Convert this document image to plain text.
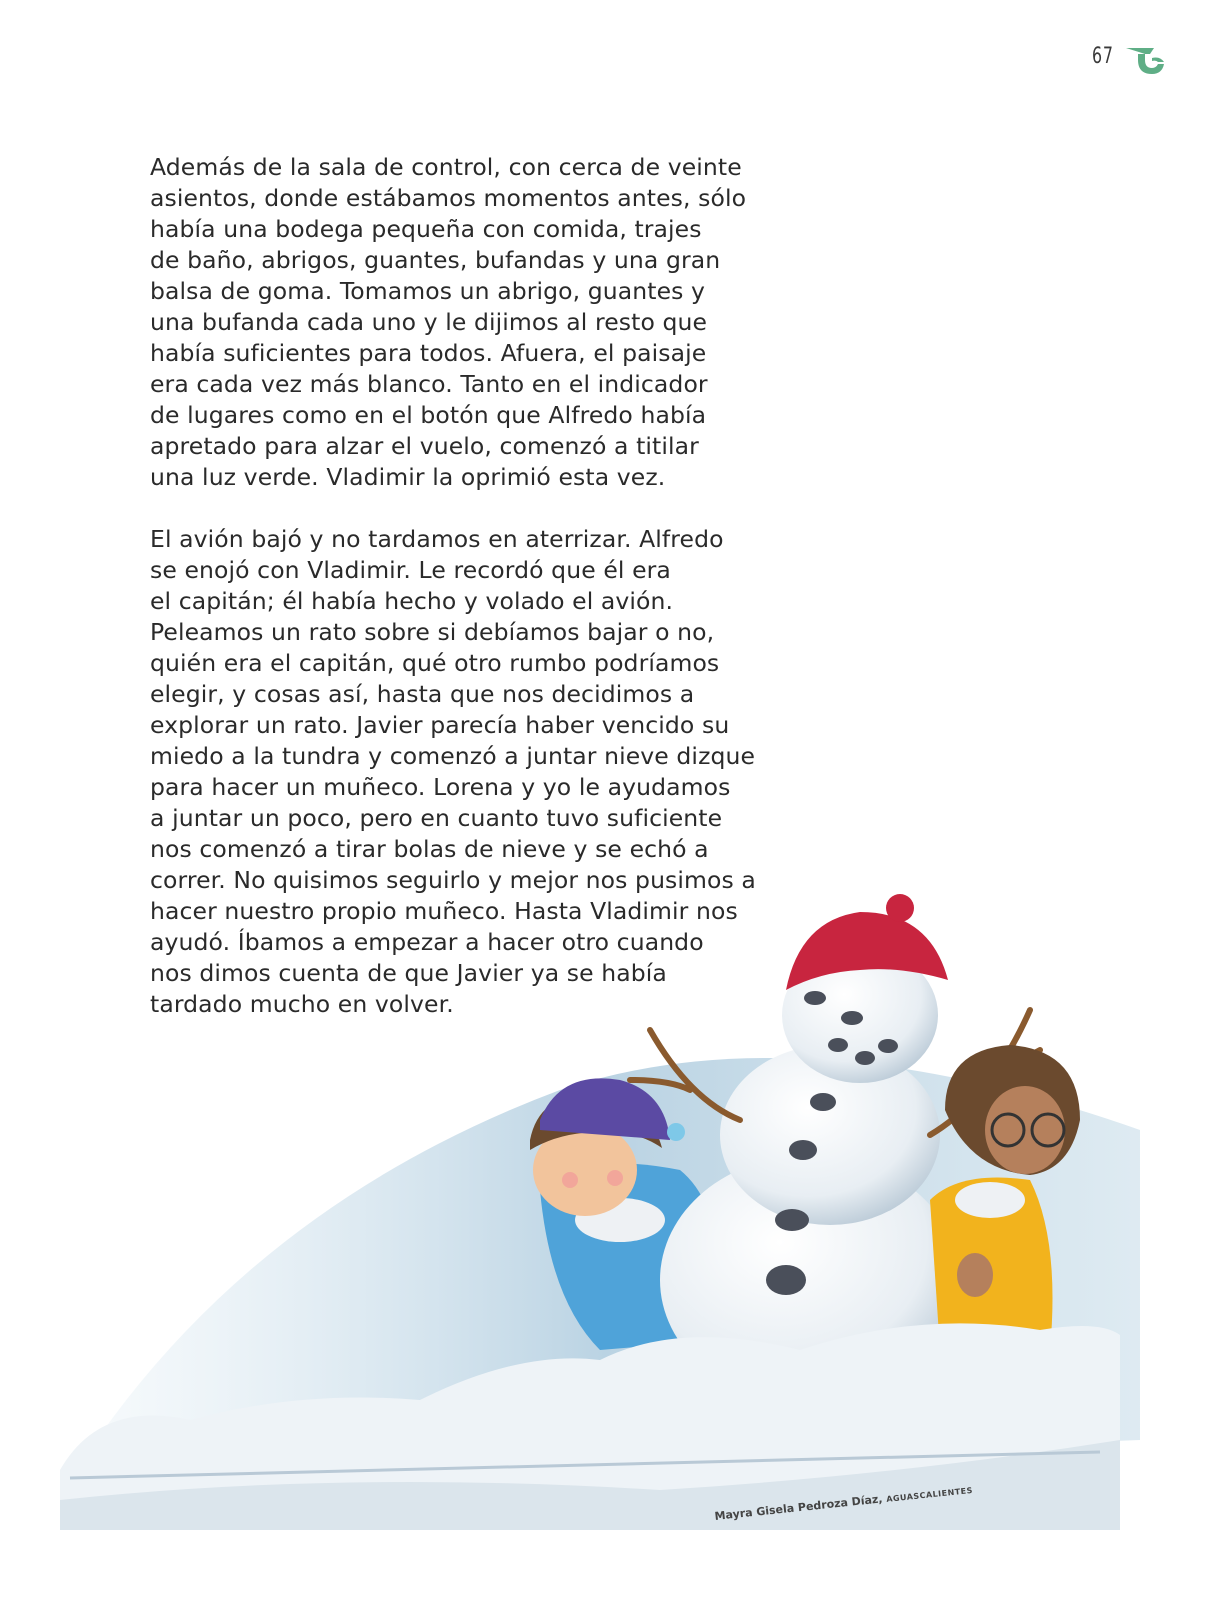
67
Además de la sala de control, con cerca de veinte
asientos, donde estábamos momentos antes, sólo
había una bodega pequeña con comida, trajes
de baño, abrigos, guantes, bufandas y una gran
balsa de goma. Tomamos un abrigo, guantes y
una bufanda cada uno y le dijimos al resto que
había suficientes para todos. Afuera, el paisaje
era cada vez más blanco. Tanto en el indicador
de lugares como en el botón que Alfredo había
apretado para alzar el vuelo, comenzó a titilar
una luz verde. Vladimir la oprimió esta vez.
El avión bajó y no tardamos en aterrizar. Alfredo
se enojó con Vladimir. Le recordó que él era
el capitán; él había hecho y volado el avión.
Peleamos un rato sobre si debíamos bajar o no,
quién era el capitán, qué otro rumbo podríamos
elegir, y cosas así, hasta que nos decidimos a
explorar un rato. Javier parecía haber vencido su
miedo a la tundra y comenzó a juntar nieve dizque
para hacer un muñeco. Lorena y yo le ayudamos
a juntar un poco, pero en cuanto tuvo suficiente
nos comenzó a tirar bolas de nieve y se echó a
correr. No quisimos seguirlo y mejor nos pusimos a
hacer nuestro propio muñeco. Hasta Vladimir nos
ayudó. Íbamos a empezar a hacer otro cuando
nos dimos cuenta de que Javier ya se había
tardado mucho en volver.
Mayra Gisela Pedroza Díaz, AGUASCALIENTES
